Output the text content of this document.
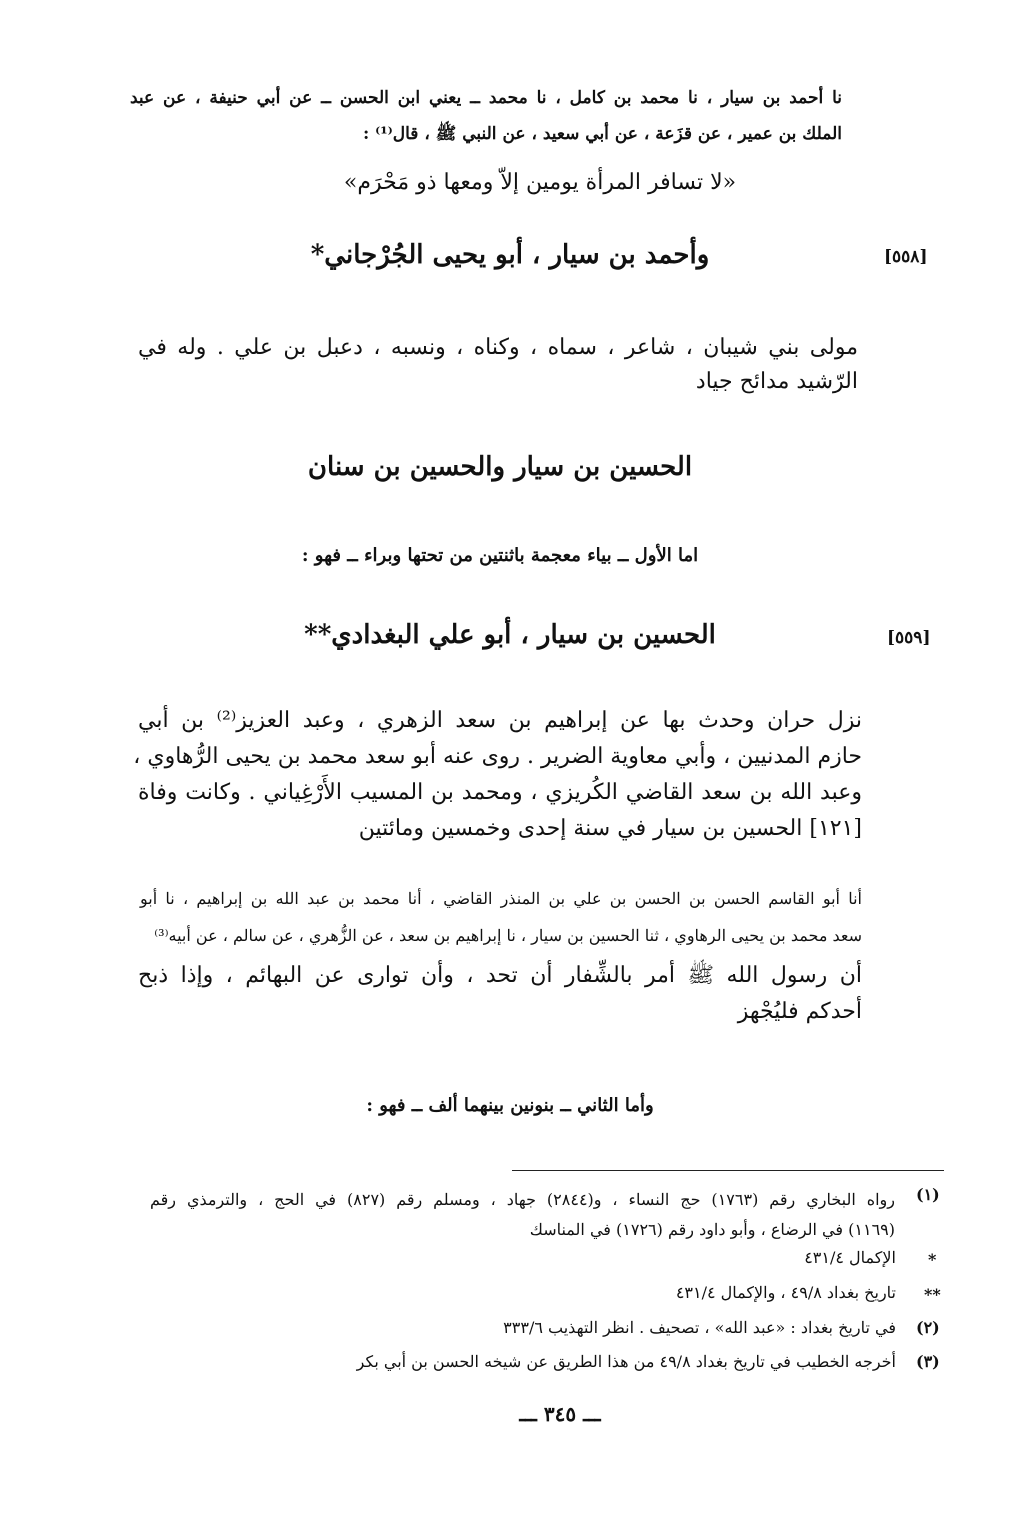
نا أحمد بن سيار ، نا محمد بن كامل ، نا محمد ــ يعني ابن الحسن ــ عن أبي حنيفة ، عن عبد
الملك بن عمير ، عن قزَعة ، عن أبي سعيد ، عن النبي ﷺ ، قال⁽¹⁾ :
«لا تسافر المرأة يومين إلاّ ومعها ذو مَحْرَم»
[٥٥٨]
وأحمد بن سيار ، أبو يحيى الجُرْجاني*
مولى بني شيبان ، شاعر ، سماه ، وكناه ، ونسبه ، دعبل بن علي . وله في
الرّشيد مدائح جياد
الحسين بن سيار والحسين بن سنان
اما الأول ــ بياء معجمة باثنتين من تحتها وبراء ــ فهو :
[٥٥٩]
الحسين بن سيار ، أبو علي البغدادي**
نزل حران وحدث بها عن إبراهيم بن سعد الزهري ، وعبد العزيز⁽²⁾ بن أبي
حازم المدنيين ، وأبي معاوية الضرير . روى عنه أبو سعد محمد بن يحيى الرُّهاوي ،
وعبد الله بن سعد القاضي الكُريزي ، ومحمد بن المسيب الأَرْغِياني . وكانت وفاة
[١٢١] الحسين بن سيار في سنة إحدى وخمسين ومائتين
أنا أبو القاسم الحسن بن الحسن بن علي بن المنذر القاضي ، أنا محمد بن عبد الله بن إبراهيم ، نا أبو
سعد محمد بن يحيى الرهاوي ، ثنا الحسين بن سيار ، نا إبراهيم بن سعد ، عن الزُّهري ، عن سالم ، عن أبيه⁽³⁾
أن رسول الله ﷺ أمر بالشِّفار أن تحد ، وأن توارى عن البهائم ، وإذا ذبح
أحدكم فليُجْهز
وأما الثاني ــ بنونين بينهما ألف ــ فهو :
(١)
رواه البخاري رقم (١٧٦٣) حج النساء ، و(٢٨٤٤) جهاد ، ومسلم رقم (٨٢٧) في الحج ، والترمذي رقم
(١١٦٩) في الرضاع ، وأبو داود رقم (١٧٢٦) في المناسك
*
الإكمال ٤٣١/٤
**
تاريخ بغداد ٤٩/٨ ، والإكمال ٤٣١/٤
(٢)
في تاريخ بغداد : «عبد الله» ، تصحيف . انظر التهذيب ٣٣٣/٦
(٣)
أخرجه الخطيب في تاريخ بغداد ٤٩/٨ من هذا الطريق عن شيخه الحسن بن أبي بكر
ـــ ٣٤٥ ـــ
